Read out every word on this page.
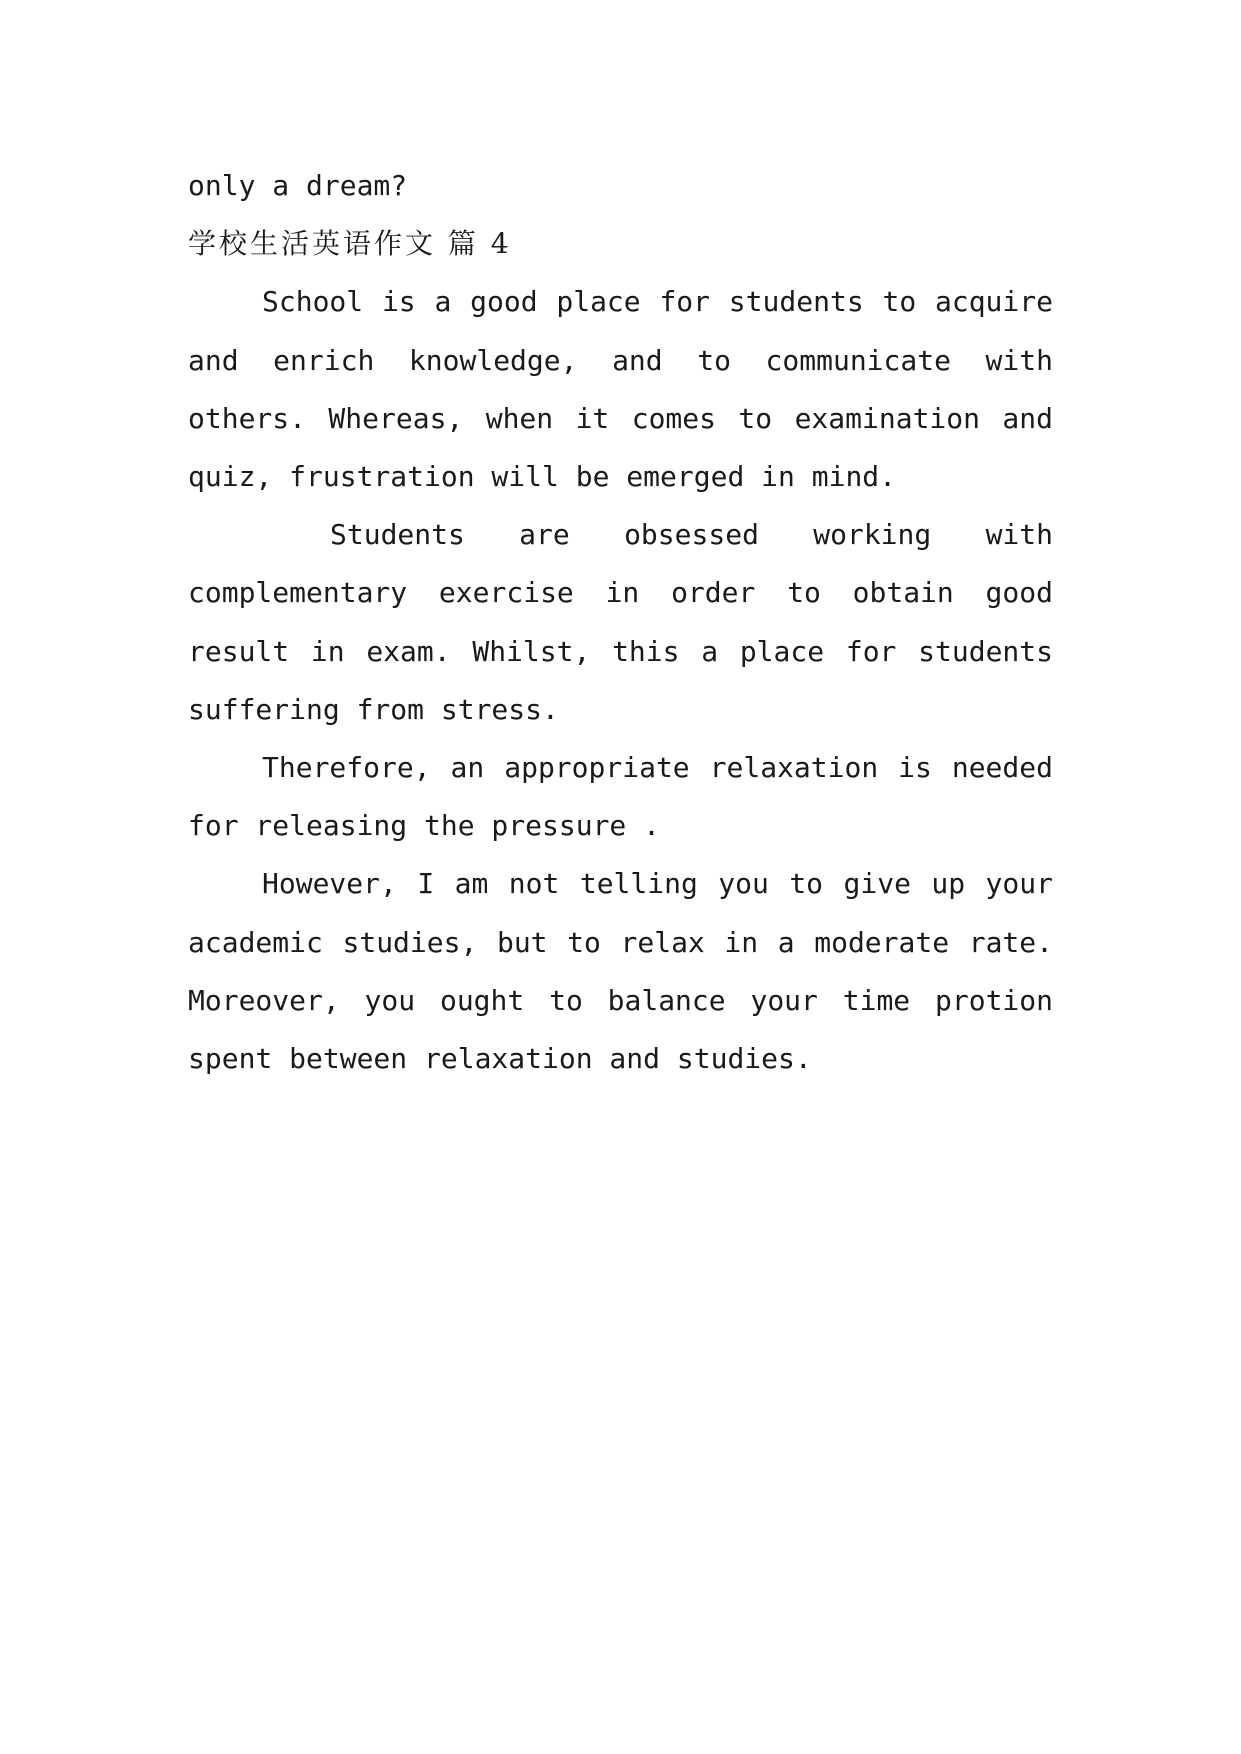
only a dream?

学校生活英语作文 篇 4

School is a good place for students to acquire and enrich knowledge, and to communicate with others. Whereas, when it comes to examination and quiz, frustration will be emerged in mind.

Students are obsessed working with complementary exercise in order to obtain good result in exam. Whilst, this a place for students suffering from stress.

Therefore, an appropriate relaxation is needed for releasing the pressure .

However, I am not telling you to give up your academic studies, but to relax in a moderate rate. Moreover, you ought to balance your time protion spent between relaxation and studies.
